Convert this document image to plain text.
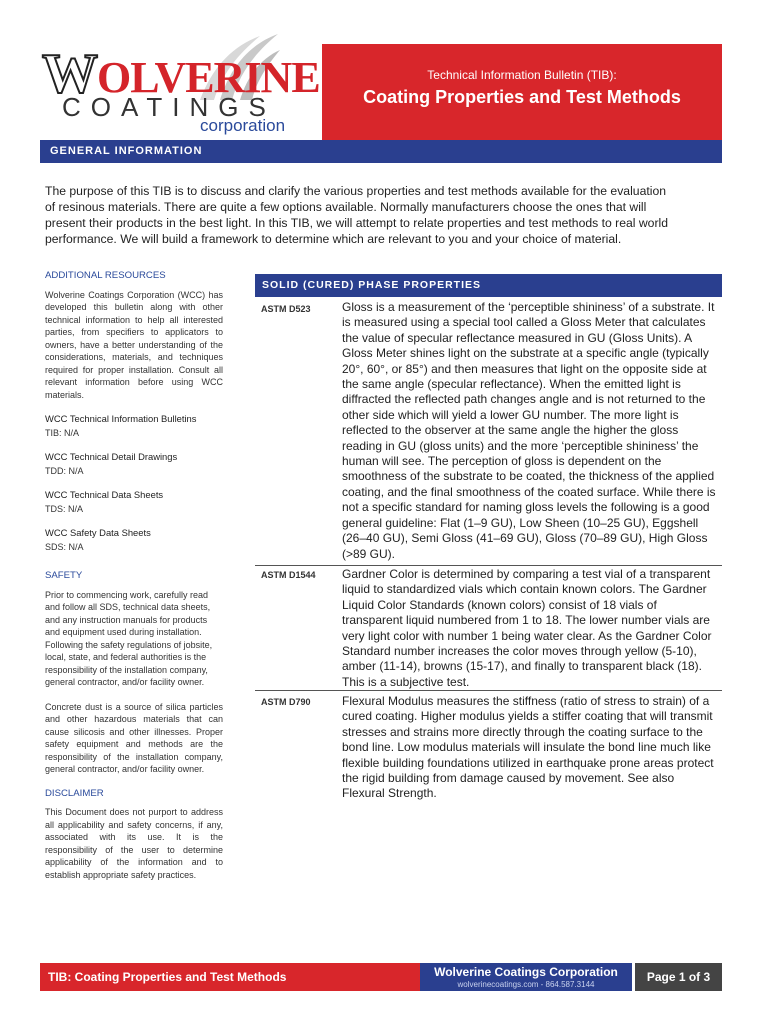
WOLVERINE
COATINGS
corporation
Technical Information Bulletin (TIB):
Coating Properties and Test Methods
GENERAL INFORMATION

The purpose of this TIB is to discuss and clarify the various properties and test methods available for the evaluation
of resinous materials. There are quite a few options available. Normally manufacturers choose the ones that will
present their products in the best light. In this TIB, we will attempt to relate properties and test methods to real world
performance. We will build a framework to determine which are relevant to you and your choice of material.

ADDITIONAL RESOURCES

Wolverine Coatings Corporation (WCC) has developed this bulletin along with other technical information to help all interested parties, from specifiers to applicators to owners, have a better understanding of the considerations, materials, and techniques required for proper installation. Consult all relevant information before using WCC materials.

WCC Technical Information Bulletins

TIB: N/A

WCC Technical Detail Drawings

TDD: N/A

WCC Technical Data Sheets

TDS: N/A

WCC Safety Data Sheets

SDS: N/A

SAFETY

Prior to commencing work, carefully read and follow all SDS, technical data sheets, and any instruction manuals for products and equipment used during installation. Following the safety regulations of jobsite, local, state, and federal authorities is the responsibility of the installation company, general contractor, and/or facility owner.

Concrete dust is a source of silica particles and other hazardous materials that can cause silicosis and other illnesses. Proper safety equipment and methods are the responsibility of the installation company, general contractor, and/or facility owner.

DISCLAIMER

This Document does not purport to address all applicability and safety concerns, if any, associated with its use. It is the responsibility of the user to determine applicability of the information and to establish appropriate safety practices.

SOLID (CURED) PHASE PROPERTIES
ASTM D523	Gloss is a measurement of the ‘perceptible shininess’ of a substrate. It is measured using a special tool called a Gloss Meter that calculates the value of specular reflectance measured in GU (Gloss Units). A Gloss Meter shines light on the substrate at a specific angle (typically 20°, 60°, or 85°) and then measures that light on the opposite side at the same angle (specular reflectance). When the emitted light is diffracted the reflected path changes angle and is not returned to the other side which will yield a lower GU number. The more light is reflected to the observer at the same angle the higher the gloss reading in GU (gloss units) and the more ‘perceptible shininess’ the human will see. The perception of gloss is dependent on the smoothness of the substrate to be coated, the thickness of the applied coating, and the final smoothness of the coated surface. While there is not a specific standard for naming gloss levels the following is a good general guideline: Flat (1–9 GU), Low Sheen (10–25 GU), Eggshell (26–40 GU), Semi Gloss (41–69 GU), Gloss (70–89 GU), High Gloss (>89 GU).

ASTM D1544 Gardner Color is determined by comparing a test vial of a transparent liquid to standardized vials which contain known colors. The Gardner Liquid Color Standards (known colors) consist of 18 vials of transparent liquid numbered from 1 to 18. The lower number vials are very light color with number 1 being water clear. As the Gardner Color Standard number increases the color moves through yellow (5-10), amber (11-14), browns (15-17), and finally to transparent black (18). This is a subjective test.

ASTM D790	Flexural Modulus measures the stiffness (ratio of stress to strain) of a cured coating. Higher modulus yields a stiffer coating that will transmit stresses and strains more directly through the coating surface to the bond line. Low modulus materials will insulate the bond line much like flexible building foundations utilized in earthquake prone areas protect the rigid building from damage caused by movement. See also Flexural Strength.

TIB: Coating Properties and Test Methods	Wolverine Coatings Corporation
wolverinecoatings.com - 864.587.3144
Page 1 of 3
